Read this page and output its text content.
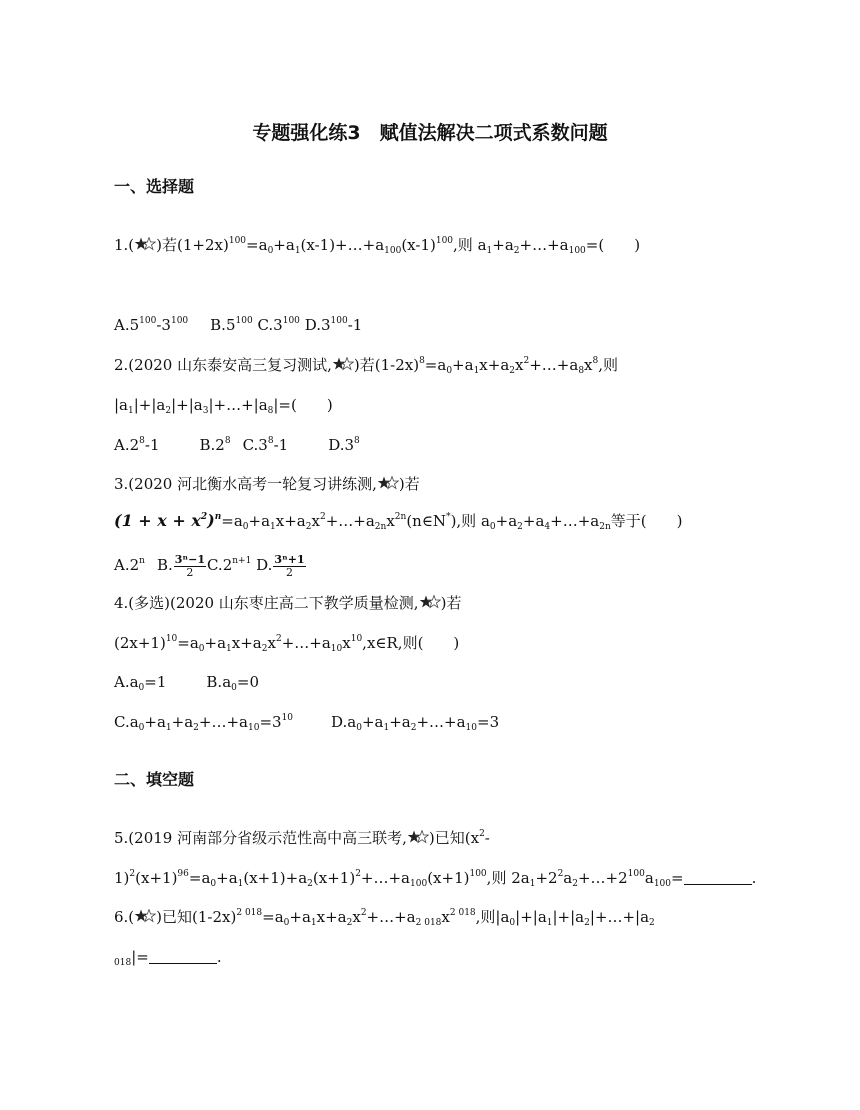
专题强化练3　赋值法解决二项式系数问题
一、选择题
1.( )若$(1+2x)^{100}=a_0+a_1(x-1)+\dots+a_{100}(x-1)^{100}$,则 $a_1+a_2+\dots+a_{100}=$(　　)
$A.5^{100}-3^{100}$ $B.5^{100}$ $C.3^{100}$ $D.3^{100}-1$
2.(2020 山东泰安高三复习测试, )若$(1-2x)^8=a_0+a_1x+a_2x^2+\dots+a_8x^8$,则
$|a_1|+|a_2|+|a_3|+\dots+|a_8|=$(　　)
$A.2^8-1$	$B.2^8$ $C.3^8-1$	$D.3^8$
3.(2020 河北衡水高考一轮复习讲练测, )若
$(1 + x + x^2)^n=a_0+a_1x+a_2x^2+\dots+a_{2n}x^{2n}(n\in N^*)$,则 $a_0+a_2+a_4+\dots+a_{2n}$等于(　　)
A.2$^n$ B. $\frac{\text{3ⁿ−1}}{2} C.2^{n+1}$ D. $\frac{\text{3ⁿ+1}}{2}$
4.(多选)(2020 山东枣庄高二下教学质量检测, )若
$(2x+1)^{10}=a_0+a_1x+a_2x^2+\dots+a_{10}x^{10},x\in R$,则(　　)
$A.a_0=1$	$B.a_0=0$
$C.a_0+a_1+a_2+\dots+a_{10}=3^{10}$	$D.a_0+a_1+a_2+\dots+a_{10}=3$
二、填空题
5.(2019 河南部分省级示范性高中高三联考, )已知($x^2-$
$1)^2(x+1)^{96}=a_0+a_1(x+1)+a_2(x+1)^2+\dots+a_{100}(x+1)^{100}$,则 $2a_1+2^2a_2+\dots+2^{100}a_{100}=$	.
6.( )已知$(1-2x)^{2 018}=a_0+a_1x+a_2x^2+\dots+a_{2 018}x^{2 018}$,则$|a_0|+|a_1|+|a_2|+\dots+|a_2$
$_{018}$|=	.
